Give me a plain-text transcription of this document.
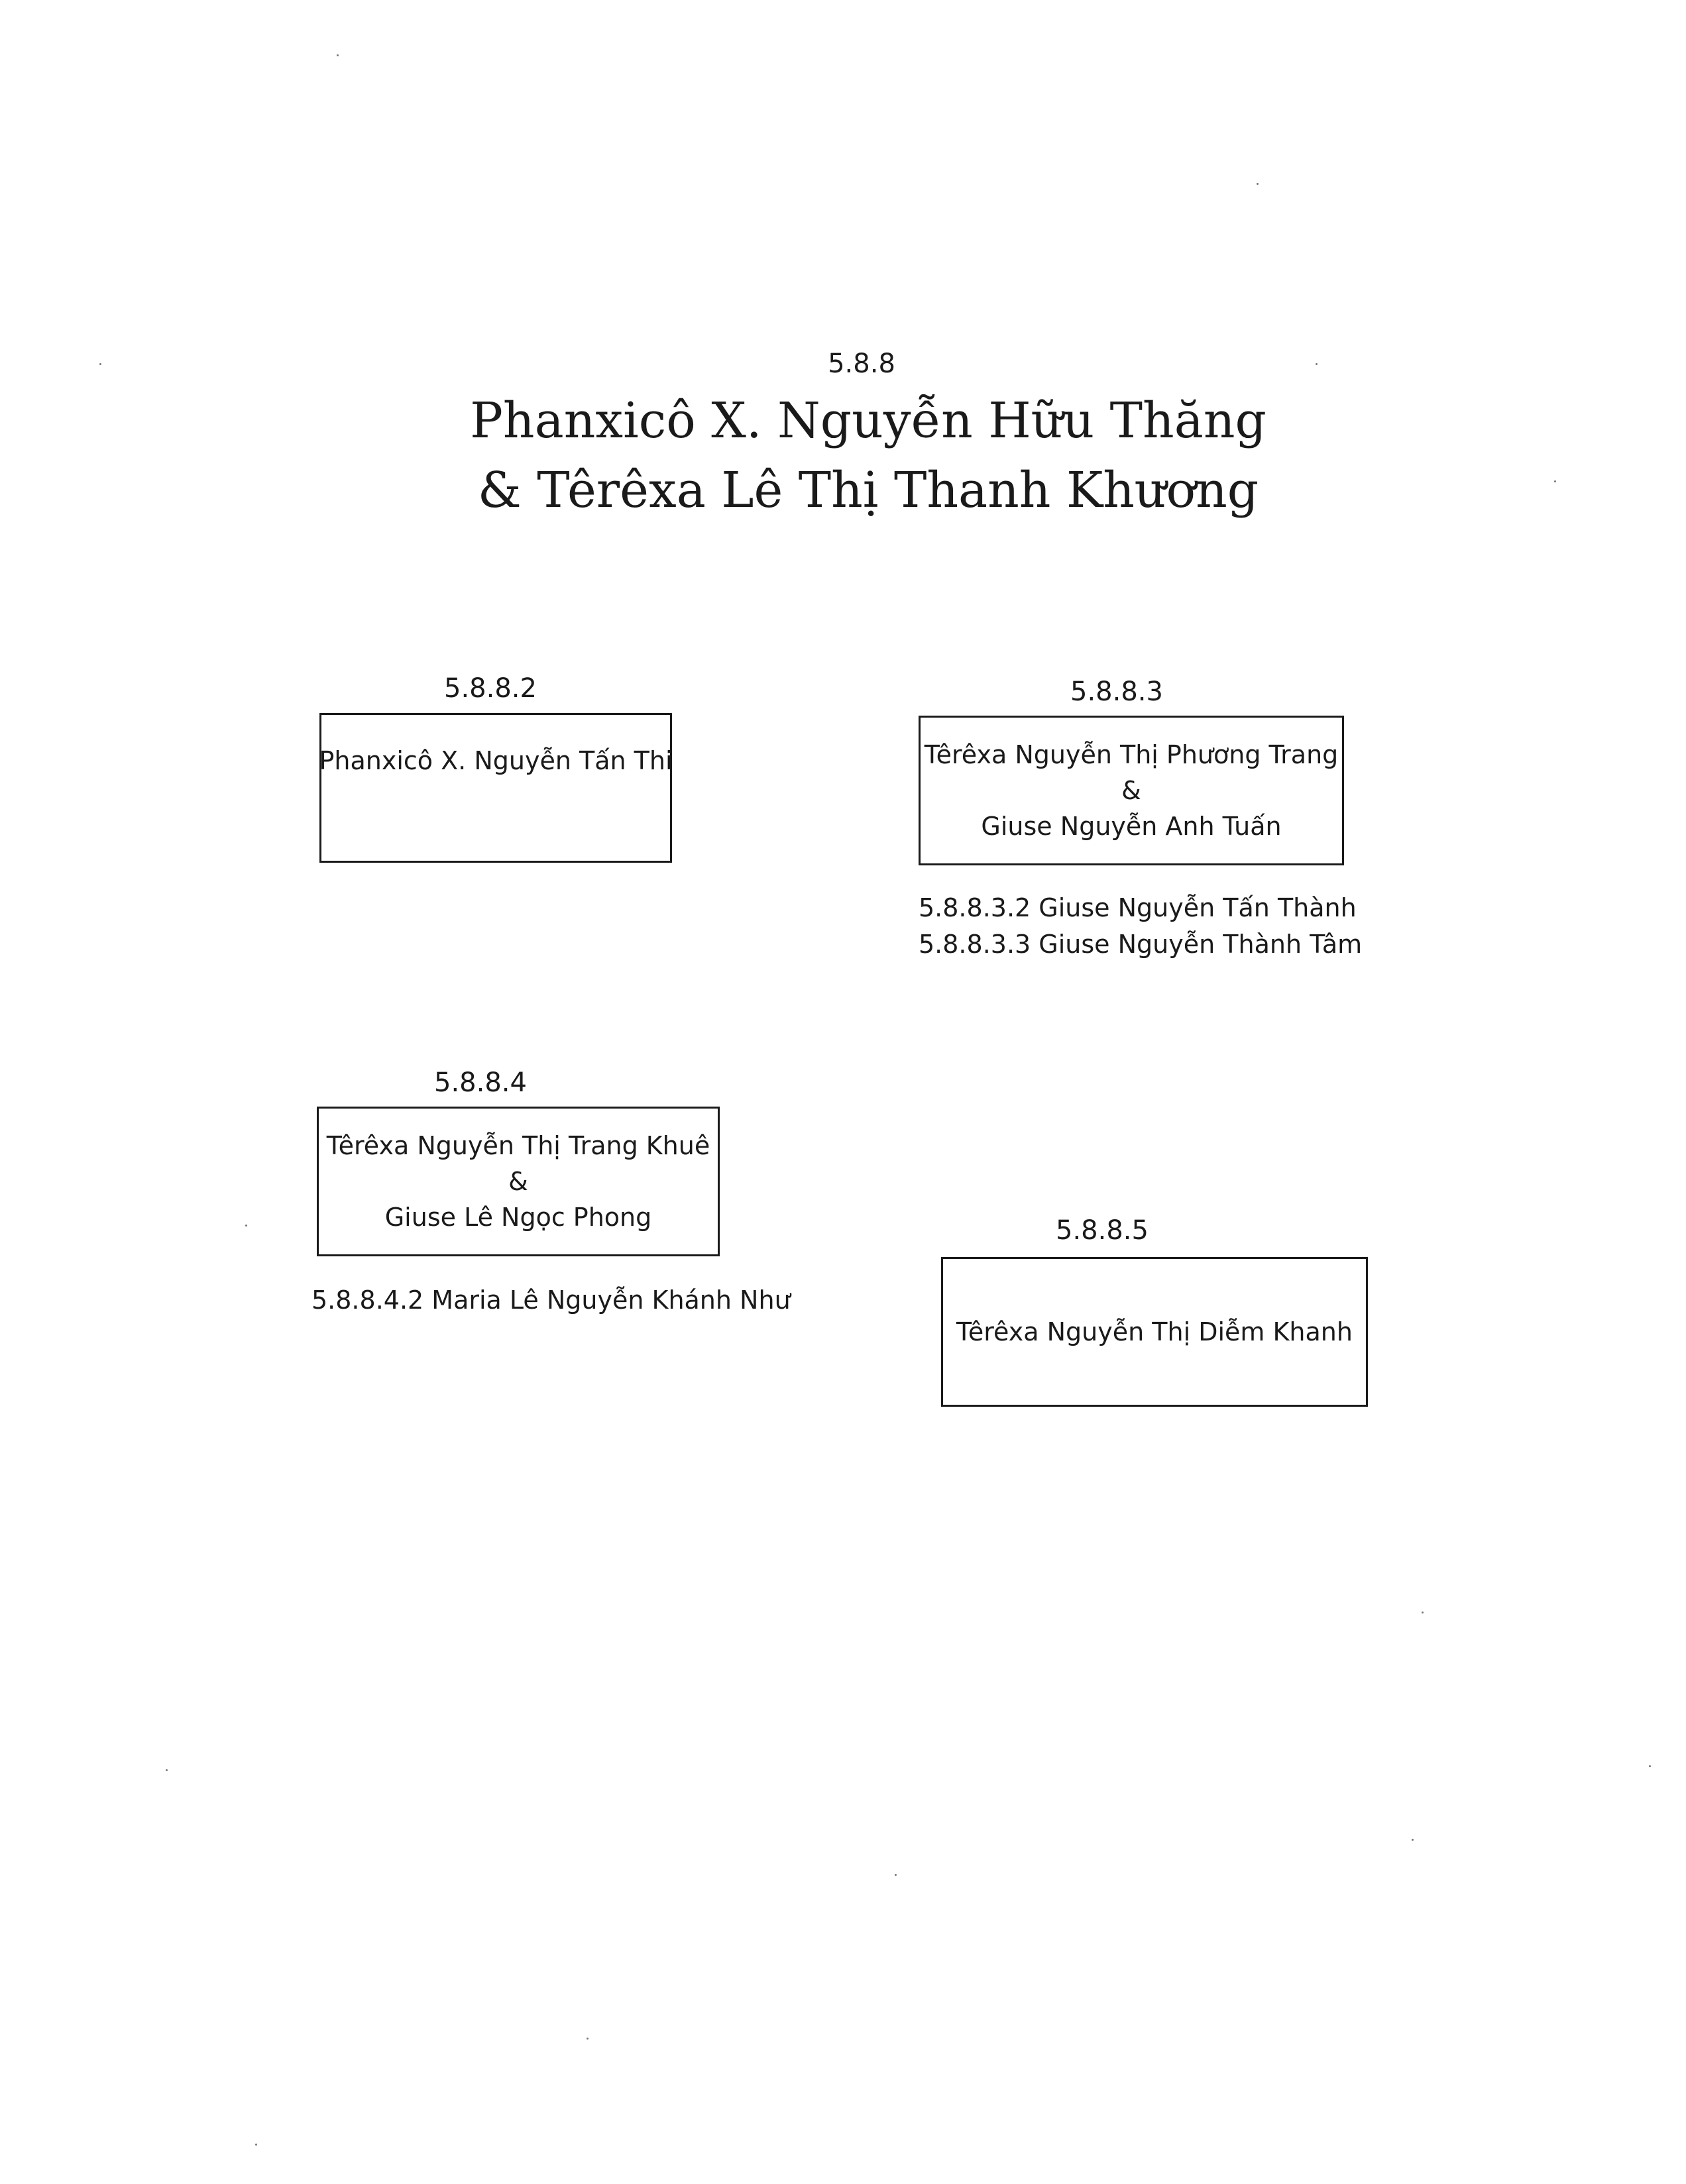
5.8.8
Phanxicô X. Nguyễn Hữu Thăng
& Têrêxa Lê Thị Thanh Khương
5.8.8.2
Phanxicô X. Nguyễn Tấn Thi
5.8.8.3
Têrêxa Nguyễn Thị Phương Trang
&
Giuse Nguyễn Anh Tuấn
5.8.8.3.2 Giuse Nguyễn Tấn Thành
5.8.8.3.3 Giuse Nguyễn Thành Tâm
5.8.8.4
Têrêxa Nguyễn Thị Trang Khuê
&
Giuse Lê Ngọc Phong
5.8.8.4.2 Maria Lê Nguyễn Khánh Như
5.8.8.5
Têrêxa Nguyễn Thị Diễm Khanh
